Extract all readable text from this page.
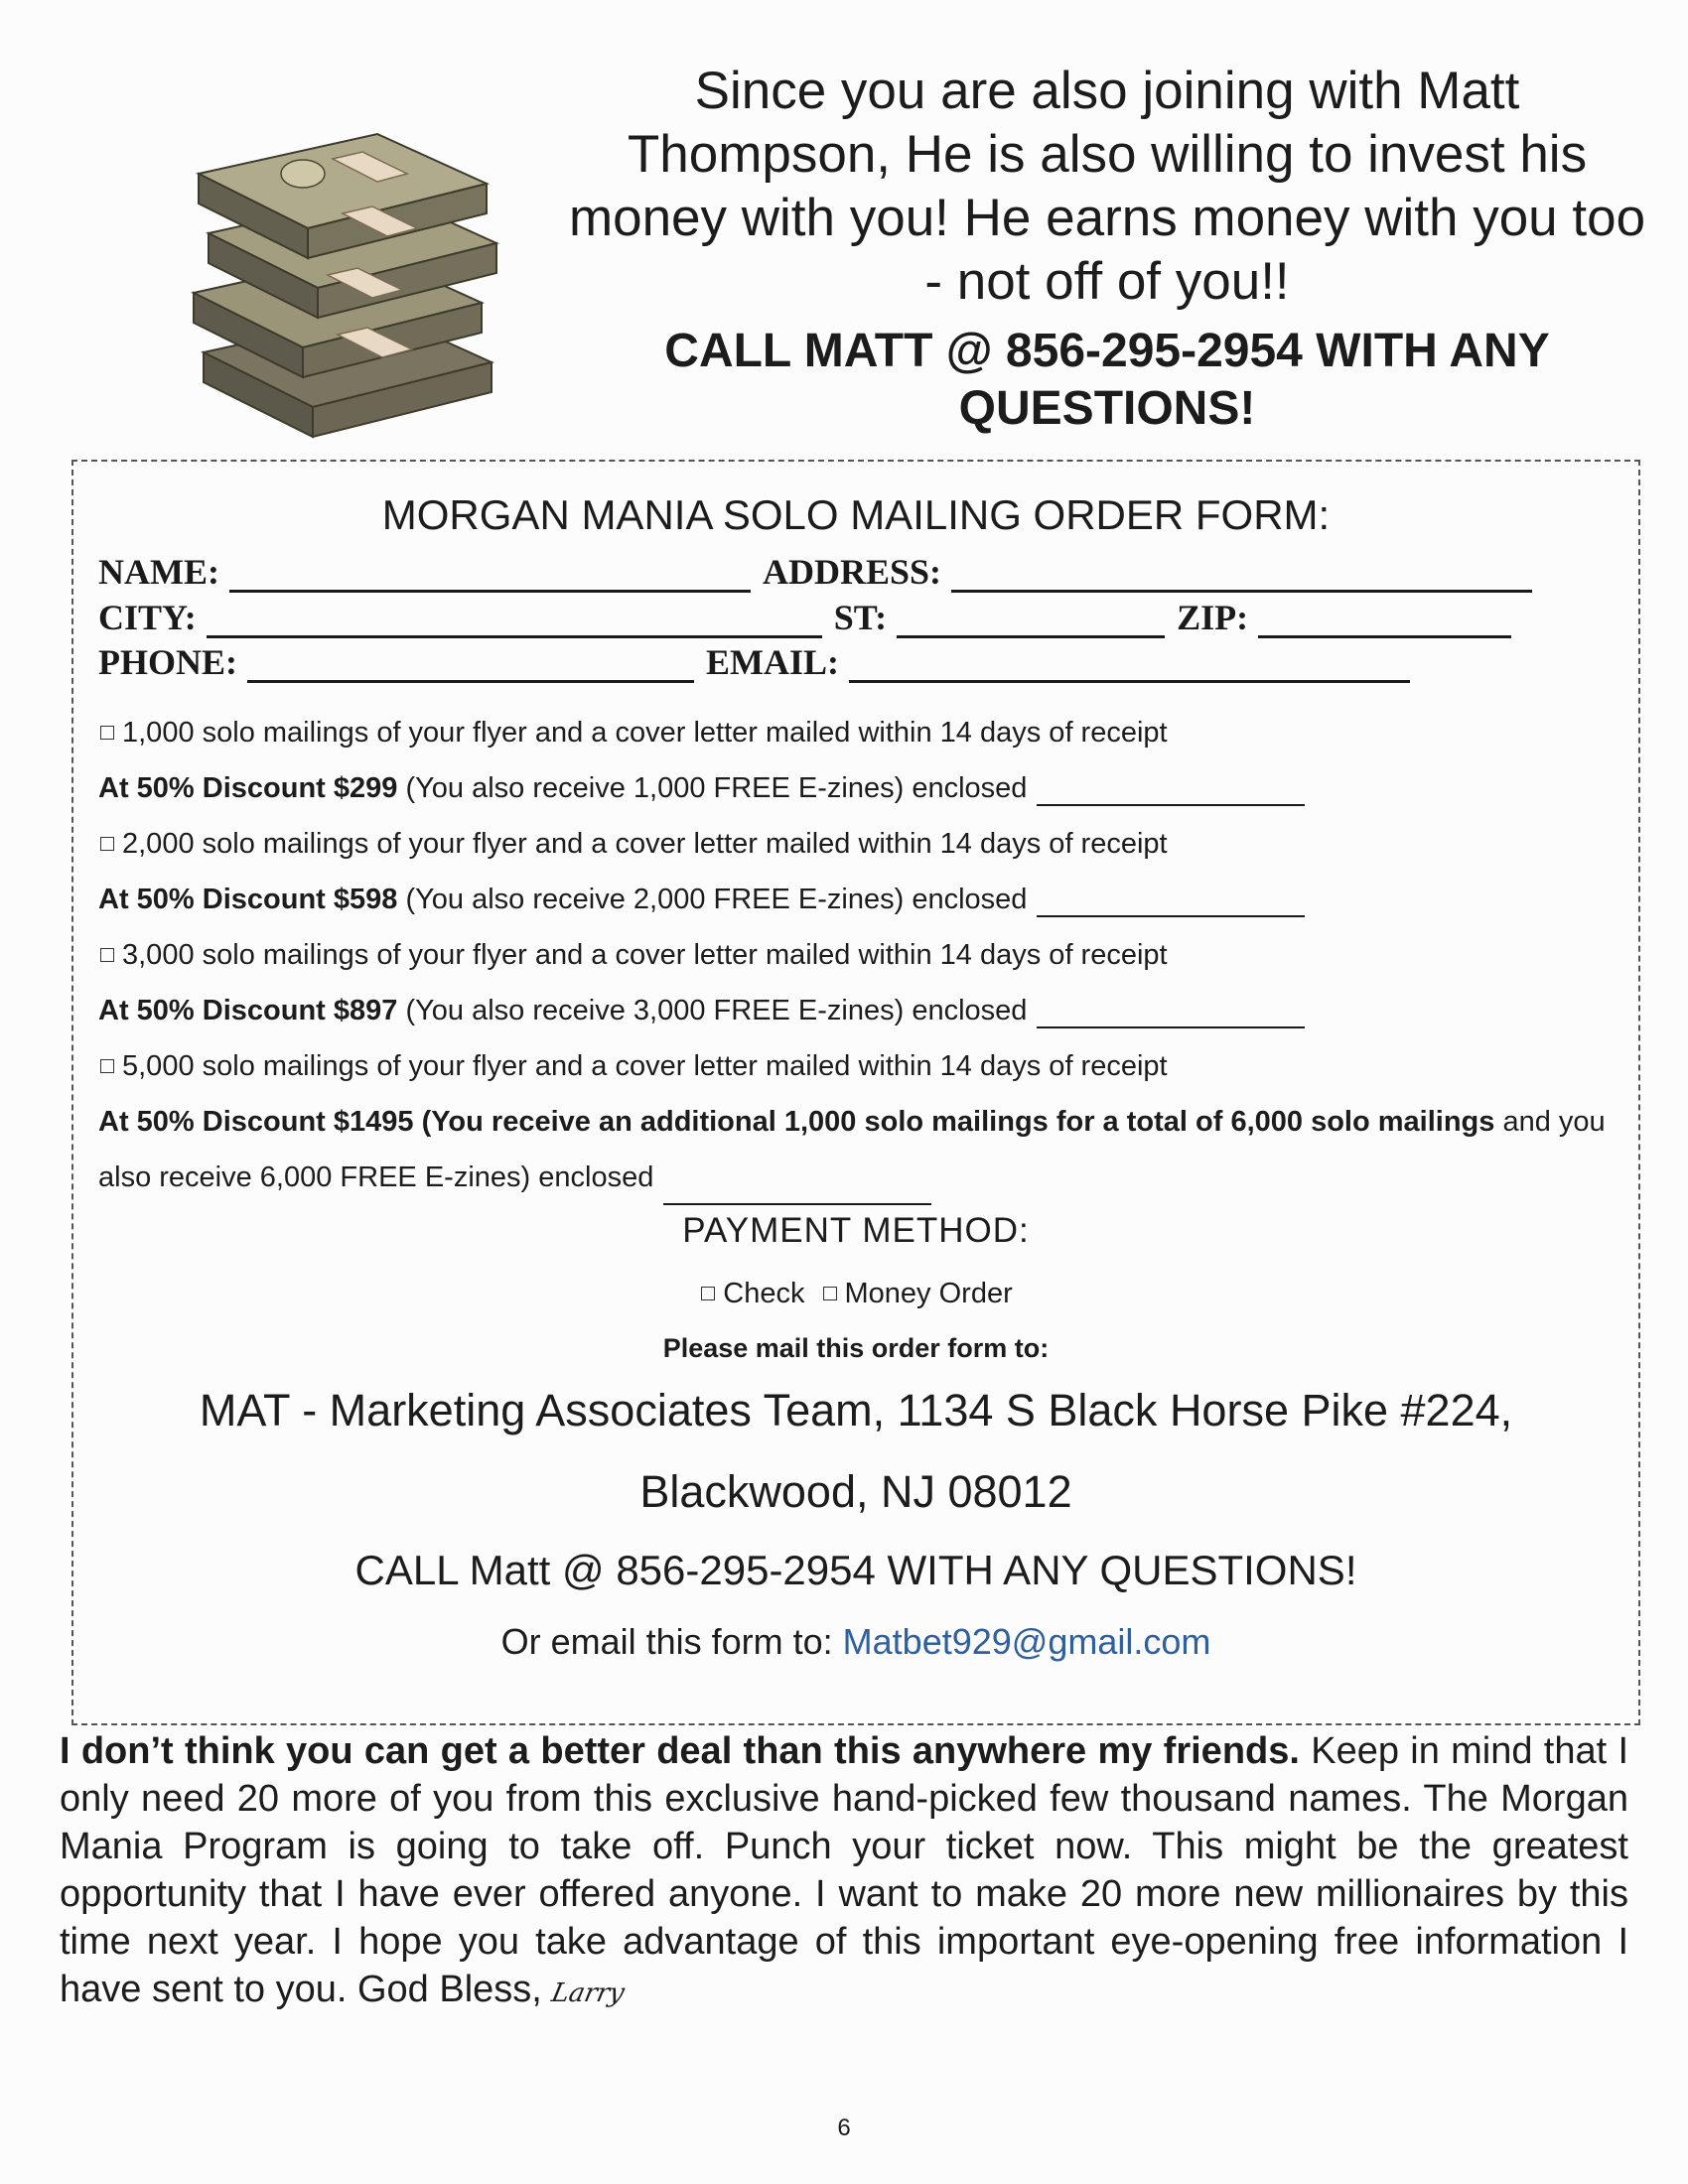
Since you are also joining with Matt Thompson, He is also willing to invest his money with you! He earns money with you too - not off of you!!
CALL MATT @ 856-295-2954 WITH ANY QUESTIONS!
MORGAN MANIA SOLO MAILING ORDER FORM:
NAME:	ADDRESS:
CITY:	ST:	ZIP:
PHONE:	EMAIL:
1,000 solo mailings of your flyer and a cover letter mailed within 14 days of receipt
At 50% Discount $299 (You also receive 1,000 FREE E-zines) enclosed
2,000 solo mailings of your flyer and a cover letter mailed within 14 days of receipt
At 50% Discount $598 (You also receive 2,000 FREE E-zines) enclosed
3,000 solo mailings of your flyer and a cover letter mailed within 14 days of receipt
At 50% Discount $897 (You also receive 3,000 FREE E-zines) enclosed
5,000 solo mailings of your flyer and a cover letter mailed within 14 days of receipt
At 50% Discount $1495 (You receive an additional 1,000 solo mailings for a total of 6,000 solo mailings and you also receive 6,000 FREE E-zines) enclosed
PAYMENT METHOD:
Check Money Order
Please mail this order form to:
MAT - Marketing Associates Team, 1134 S Black Horse Pike #224,
Blackwood, NJ 08012
CALL Matt @ 856-295-2954 WITH ANY QUESTIONS!
Or email this form to: Matbet929@gmail.com
I don’t think you can get a better deal than this anywhere my friends. Keep in mind that I only need 20 more of you from this exclusive hand-picked few thousand names. The Morgan Mania Program is going to take off. Punch your ticket now. This might be the greatest opportunity that I have ever offered anyone. I want to make 20 more new millionaires by this time next year. I hope you take advantage of this important eye-opening free information I have sent to you. God Bless, Larry
6
